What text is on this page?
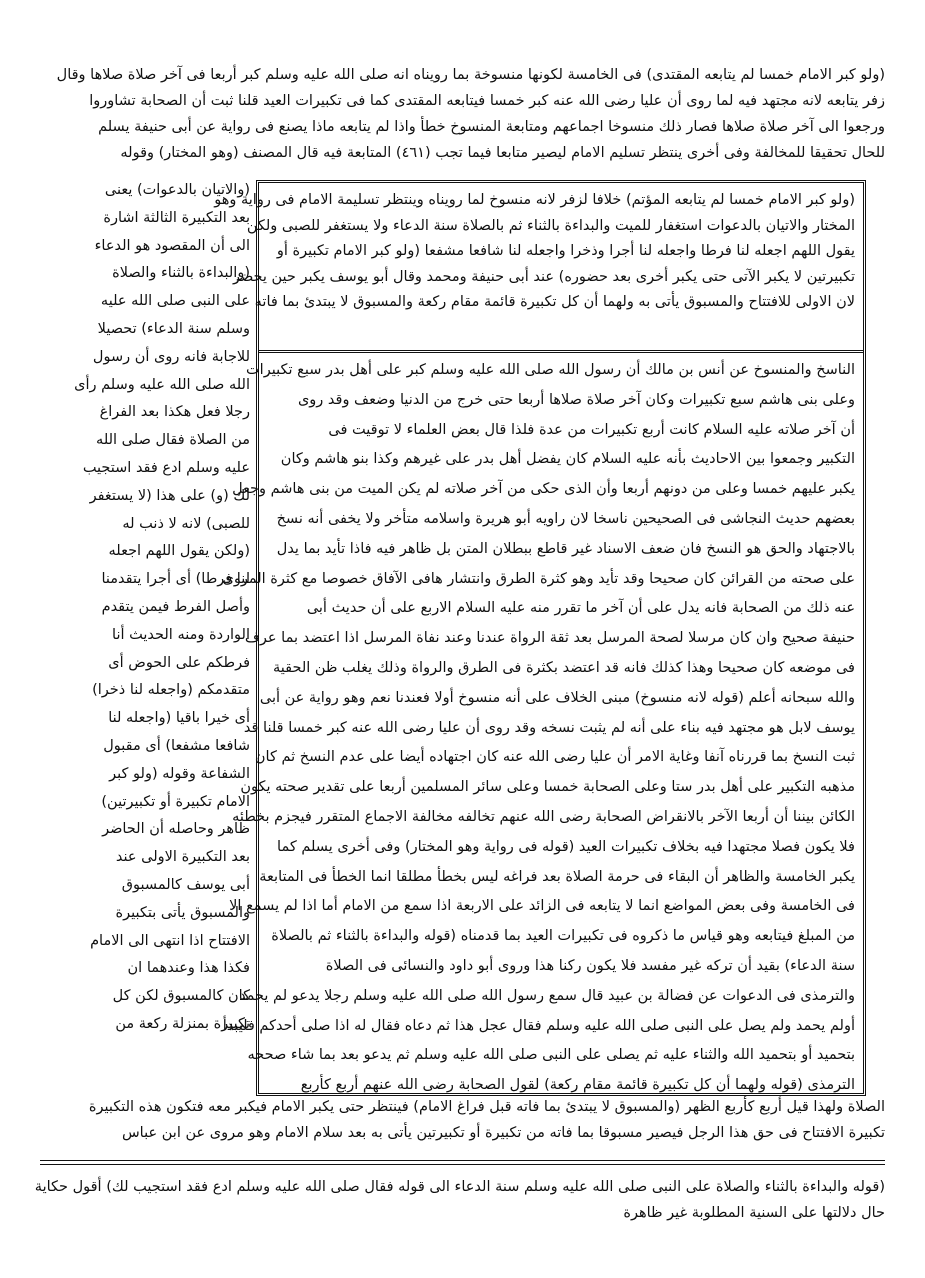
(ولو كبر الامام خمسا لم يتابعه المقتدى) فى الخامسة لكونها منسوخة بما رويناه انه صلى الله عليه وسلم كبر أربعا فى آخر صلاة صلاها وقال
زفر يتابعه لانه مجتهد فيه لما روى أن عليا رضى الله عنه كبر خمسا فيتابعه المقتدى كما فى تكبيرات العيد قلنا ثبت أن الصحابة تشاوروا
ورجعوا الى آخر صلاة صلاها فصار ذلك منسوخا اجماعهم ومتابعة المنسوخ خطأ واذا لم يتابعه ماذا يصنع فى رواية عن أبى حنيفة يسلم
للحال تحقيقا للمخالفة وفى أخرى ينتظر تسليم الامام ليصير متابعا فيما تجب (٤٦١) المتابعة فيه قال المصنف (وهو المختار) وقوله
(ولو كبر الامام خمسا لم يتابعه المؤتم) خلافا لزفر لانه منسوخ لما رويناه وينتظر تسليمة الامام فى رواية وهو
المختار والاتيان بالدعوات استغفار للميت والبداءة بالثناء ثم بالصلاة سنة الدعاء ولا يستغفر للصبى ولكن
يقول اللهم اجعله لنا فرطا واجعله لنا أجرا وذخرا واجعله لنا شافعا مشفعا (ولو كبر الامام تكبيرة أو
تكبيرتين لا يكبر الآتى حتى يكبر أخرى بعد حضوره) عند أبى حنيفة ومحمد وقال أبو يوسف يكبر حين يحضر
لان الاولى للافتتاح والمسبوق يأتى به ولهما أن كل تكبيرة قائمة مقام ركعة والمسبوق لا يبتدئ بما فاته
الناسخ والمنسوخ عن أنس بن مالك أن رسول الله صلى الله عليه وسلم كبر على أهل بدر سبع تكبيرات
وعلى بنى هاشم سبع تكبيرات وكان آخر صلاة صلاها أربعا حتى خرج من الدنيا وضعف وقد روى
أن آخر صلاته عليه السلام كانت أربع تكبيرات من عدة فلذا قال بعض العلماء لا توقيت فى
التكبير وجمعوا بين الاحاديث بأنه عليه السلام كان يفضل أهل بدر على غيرهم وكذا بنو هاشم وكان
يكبر عليهم خمسا وعلى من دونهم أربعا وأن الذى حكى من آخر صلاته لم يكن الميت من بنى هاشم وجعل
بعضهم حديث النجاشى فى الصحيحين ناسخا لان راويه أبو هريرة واسلامه متأخر ولا يخفى أنه نسخ
بالاجتهاد والحق هو النسخ فان ضعف الاسناد غير قاطع ببطلان المتن بل ظاهر فيه فاذا تأيد بما يدل
على صحته من القرائن كان صحيحا وقد تأيد وهو كثرة الطرق وانتشار هافى الآفاق خصوصا مع كثرة المروى
عنه ذلك من الصحابة فانه يدل على أن آخر ما تقرر منه عليه السلام الاربع على أن حديث أبى
حنيفة صحيح وان كان مرسلا لصحة المرسل بعد ثقة الرواة عندنا وعند نفاة المرسل اذا اعتضد بما عرف
فى موضعه كان صحيحا وهذا كذلك فانه قد اعتضد بكثرة فى الطرق والرواة وذلك يغلب ظن الحقية
والله سبحانه أعلم (قوله لانه منسوخ) مبنى الخلاف على أنه منسوخ أولا فعندنا نعم وهو رواية عن أبى
يوسف لابل هو مجتهد فيه بناء على أنه لم يثبت نسخه وقد روى أن عليا رضى الله عنه كبر خمسا قلنا قد
ثبت النسخ بما قررناه آنفا وغاية الامر أن عليا رضى الله عنه كان اجتهاده أيضا على عدم النسخ ثم كان
مذهبه التكبير على أهل بدر ستا وعلى الصحابة خمسا وعلى سائر المسلمين أربعا على تقدير صحته يكون
الكائن بيننا أن أربعا الآخر بالانقراض الصحابة رضى الله عنهم تخالفه مخالفة الاجماع المتقرر فيجزم بخطئه
فلا يكون فصلا مجتهدا فيه بخلاف تكبيرات العيد (قوله فى رواية وهو المختار) وفى أخرى يسلم كما
يكبر الخامسة والظاهر أن البقاء فى حرمة الصلاة بعد فراغه ليس بخطأ مطلقا انما الخطأ فى المتابعة
فى الخامسة وفى بعض المواضع انما لا يتابعه فى الزائد على الاربعة اذا سمع من الامام أما اذا لم يسمع الا
من المبلغ فيتابعه وهو قياس ما ذكروه فى تكبيرات العيد بما قدمناه (قوله والبداءة بالثناء ثم بالصلاة
سنة الدعاء) بقيد أن تركه غير مفسد فلا يكون ركنا هذا وروى أبو داود والنسائى فى الصلاة
والترمذى فى الدعوات عن فضالة بن عبيد قال سمع رسول الله صلى الله عليه وسلم رجلا يدعو لم يحمد
أولم يحمد ولم يصل على النبى صلى الله عليه وسلم فقال عجل هذا ثم دعاه فقال له اذا صلى أحدكم فليبدأ
بتحميد أو بتحميد الله والثناء عليه ثم يصلى على النبى صلى الله عليه وسلم ثم يدعو بعد بما شاء صححه
الترمذى (قوله ولهما أن كل تكبيرة قائمة مقام ركعة) لقول الصحابة رضى الله عنهم أربع كأربع
(والاتيان بالدعوات) يعنى
بعد التكبيرة الثالثة اشارة
الى أن المقصود هو الدعاء
(والبداءة بالثناء والصلاة
على النبى صلى الله عليه
وسلم سنة الدعاء) تحصيلا
للاجابة فانه روى أن رسول
الله صلى الله عليه وسلم رأى
رجلا فعل هكذا بعد الفراغ
من الصلاة فقال صلى الله
عليه وسلم ادع فقد استجيب
لك (و) على هذا (لا يستغفر
للصبى) لانه لا ذنب له
(ولكن يقول اللهم اجعله
لنا فرطا) أى أجرا يتقدمنا
وأصل الفرط فيمن يتقدم
الواردة ومنه الحديث أنا
فرطكم على الحوض أى
متقدمكم (واجعله لنا ذخرا)
أى خيرا باقيا (واجعله لنا
شافعا مشفعا) أى مقبول
الشفاعة وقوله (ولو كبر
الامام تكبيرة أو تكبيرتين)
ظاهر وحاصله أن الحاضر
بعد التكبيرة الاولى عند
أبى يوسف كالمسبوق
والمسبوق يأتى بتكبيرة
الافتتاح اذا انتهى الى الامام
فكذا هذا وعندهما ان
كان كالمسبوق لكن كل
تكبيرة بمنزلة ركعة من
الصلاة ولهذا قيل أربع كأربع الظهر (والمسبوق لا يبتدئ بما فاته قبل فراغ الامام) فينتظر حتى يكبر الامام فيكبر معه فتكون هذه التكبيرة
تكبيرة الافتتاح فى حق هذا الرجل فيصير مسبوقا بما فاته من تكبيرة أو تكبيرتين يأتى به بعد سلام الامام وهو مروى عن ابن عباس
(قوله والبداءة بالثناء والصلاة على النبى صلى الله عليه وسلم سنة الدعاء الى قوله فقال صلى الله عليه وسلم ادع فقد استجيب لك) أقول حكاية
حال دلالتها على السنية المطلوبة غير ظاهرة
